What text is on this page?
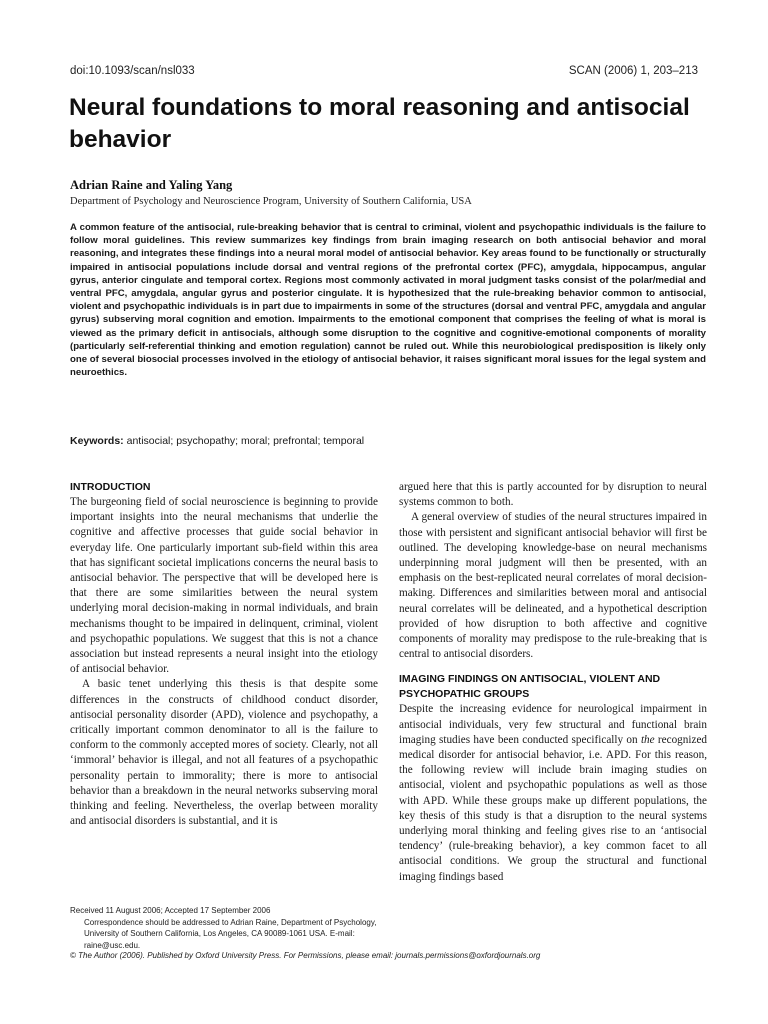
doi:10.1093/scan/nsl033	SCAN (2006) 1, 203–213
Neural foundations to moral reasoning and antisocial behavior
Adrian Raine and Yaling Yang
Department of Psychology and Neuroscience Program, University of Southern California, USA

A common feature of the antisocial, rule-breaking behavior that is central to criminal, violent and psychopathic individuals is the failure to follow moral guidelines. This review summarizes key findings from brain imaging research on both antisocial behavior and moral reasoning, and integrates these findings into a neural moral model of antisocial behavior. Key areas found to be functionally or structurally impaired in antisocial populations include dorsal and ventral regions of the prefrontal cortex (PFC), amygdala, hippocampus, angular gyrus, anterior cingulate and temporal cortex. Regions most commonly activated in moral judgment tasks consist of the polar/medial and ventral PFC, amygdala, angular gyrus and posterior cingulate. It is hypothesized that the rule-breaking behavior common to antisocial, violent and psychopathic individuals is in part due to impairments in some of the structures (dorsal and ventral PFC, amygdala and angular gyrus) subserving moral cognition and emotion. Impairments to the emotional component that comprises the feeling of what is moral is viewed as the primary deficit in antisocials, although some disruption to the cognitive and cognitive-emotional components of morality (particularly self-referential thinking and emotion regulation) cannot be ruled out. While this neurobiological predisposition is likely only one of several biosocial processes involved in the etiology of antisocial behavior, it raises significant moral issues for the legal system and neuroethics.

Keywords: antisocial; psychopathy; moral; prefrontal; temporal
INTRODUCTION

The burgeoning field of social neuroscience is beginning to provide important insights into the neural mechanisms that underlie the cognitive and affective processes that guide social behavior in everyday life. One particularly important sub-field within this area that has significant societal implications concerns the neural basis to antisocial behavior. The perspective that will be developed here is that there are some similarities between the neural system underlying moral decision-making in normal individuals, and brain mechanisms thought to be impaired in delinquent, criminal, violent and psychopathic populations. We suggest that this is not a chance association but instead represents a neural insight into the etiology of antisocial behavior.

A basic tenet underlying this thesis is that despite some differences in the constructs of childhood conduct disorder, antisocial personality disorder (APD), violence and psychopathy, a critically important common denominator to all is the failure to conform to the commonly accepted mores of society. Clearly, not all ‘immoral’ behavior is illegal, and not all features of a psychopathic personality pertain to immorality; there is more to antisocial behavior than a breakdown in the neural networks subserving moral thinking and feeling. Nevertheless, the overlap between morality and antisocial disorders is substantial, and it is

argued here that this is partly accounted for by disruption to neural systems common to both.

A general overview of studies of the neural structures impaired in those with persistent and significant antisocial behavior will first be outlined. The developing knowledge-base on neural mechanisms underpinning moral judgment will then be presented, with an emphasis on the best-replicated neural correlates of moral decision-making. Differences and similarities between moral and antisocial neural correlates will be delineated, and a hypothetical description provided of how disruption to both affective and cognitive components of morality may predispose to the rule-breaking that is central to antisocial disorders.

IMAGING FINDINGS ON ANTISOCIAL, VIOLENT AND PSYCHOPATHIC GROUPS

Despite the increasing evidence for neurological impairment in antisocial individuals, very few structural and functional brain imaging studies have been conducted specifically on the recognized medical disorder for antisocial behavior, i.e. APD. For this reason, the following review will include brain imaging studies on antisocial, violent and psychopathic populations as well as those with APD. While these groups make up different populations, the key thesis of this study is that a disruption to the neural systems underlying moral thinking and feeling gives rise to an ‘antisocial tendency’ (rule-breaking behavior), a key common facet to all antisocial conditions. We group the structural and functional imaging findings based

Received 11 August 2006; Accepted 17 September 2006
Correspondence should be addressed to Adrian Raine, Department of Psychology, University of Southern California, Los Angeles, CA 90089-1061 USA. E-mail: raine@usc.edu.
© The Author (2006). Published by Oxford University Press. For Permissions, please email: journals.permissions@oxfordjournals.org
